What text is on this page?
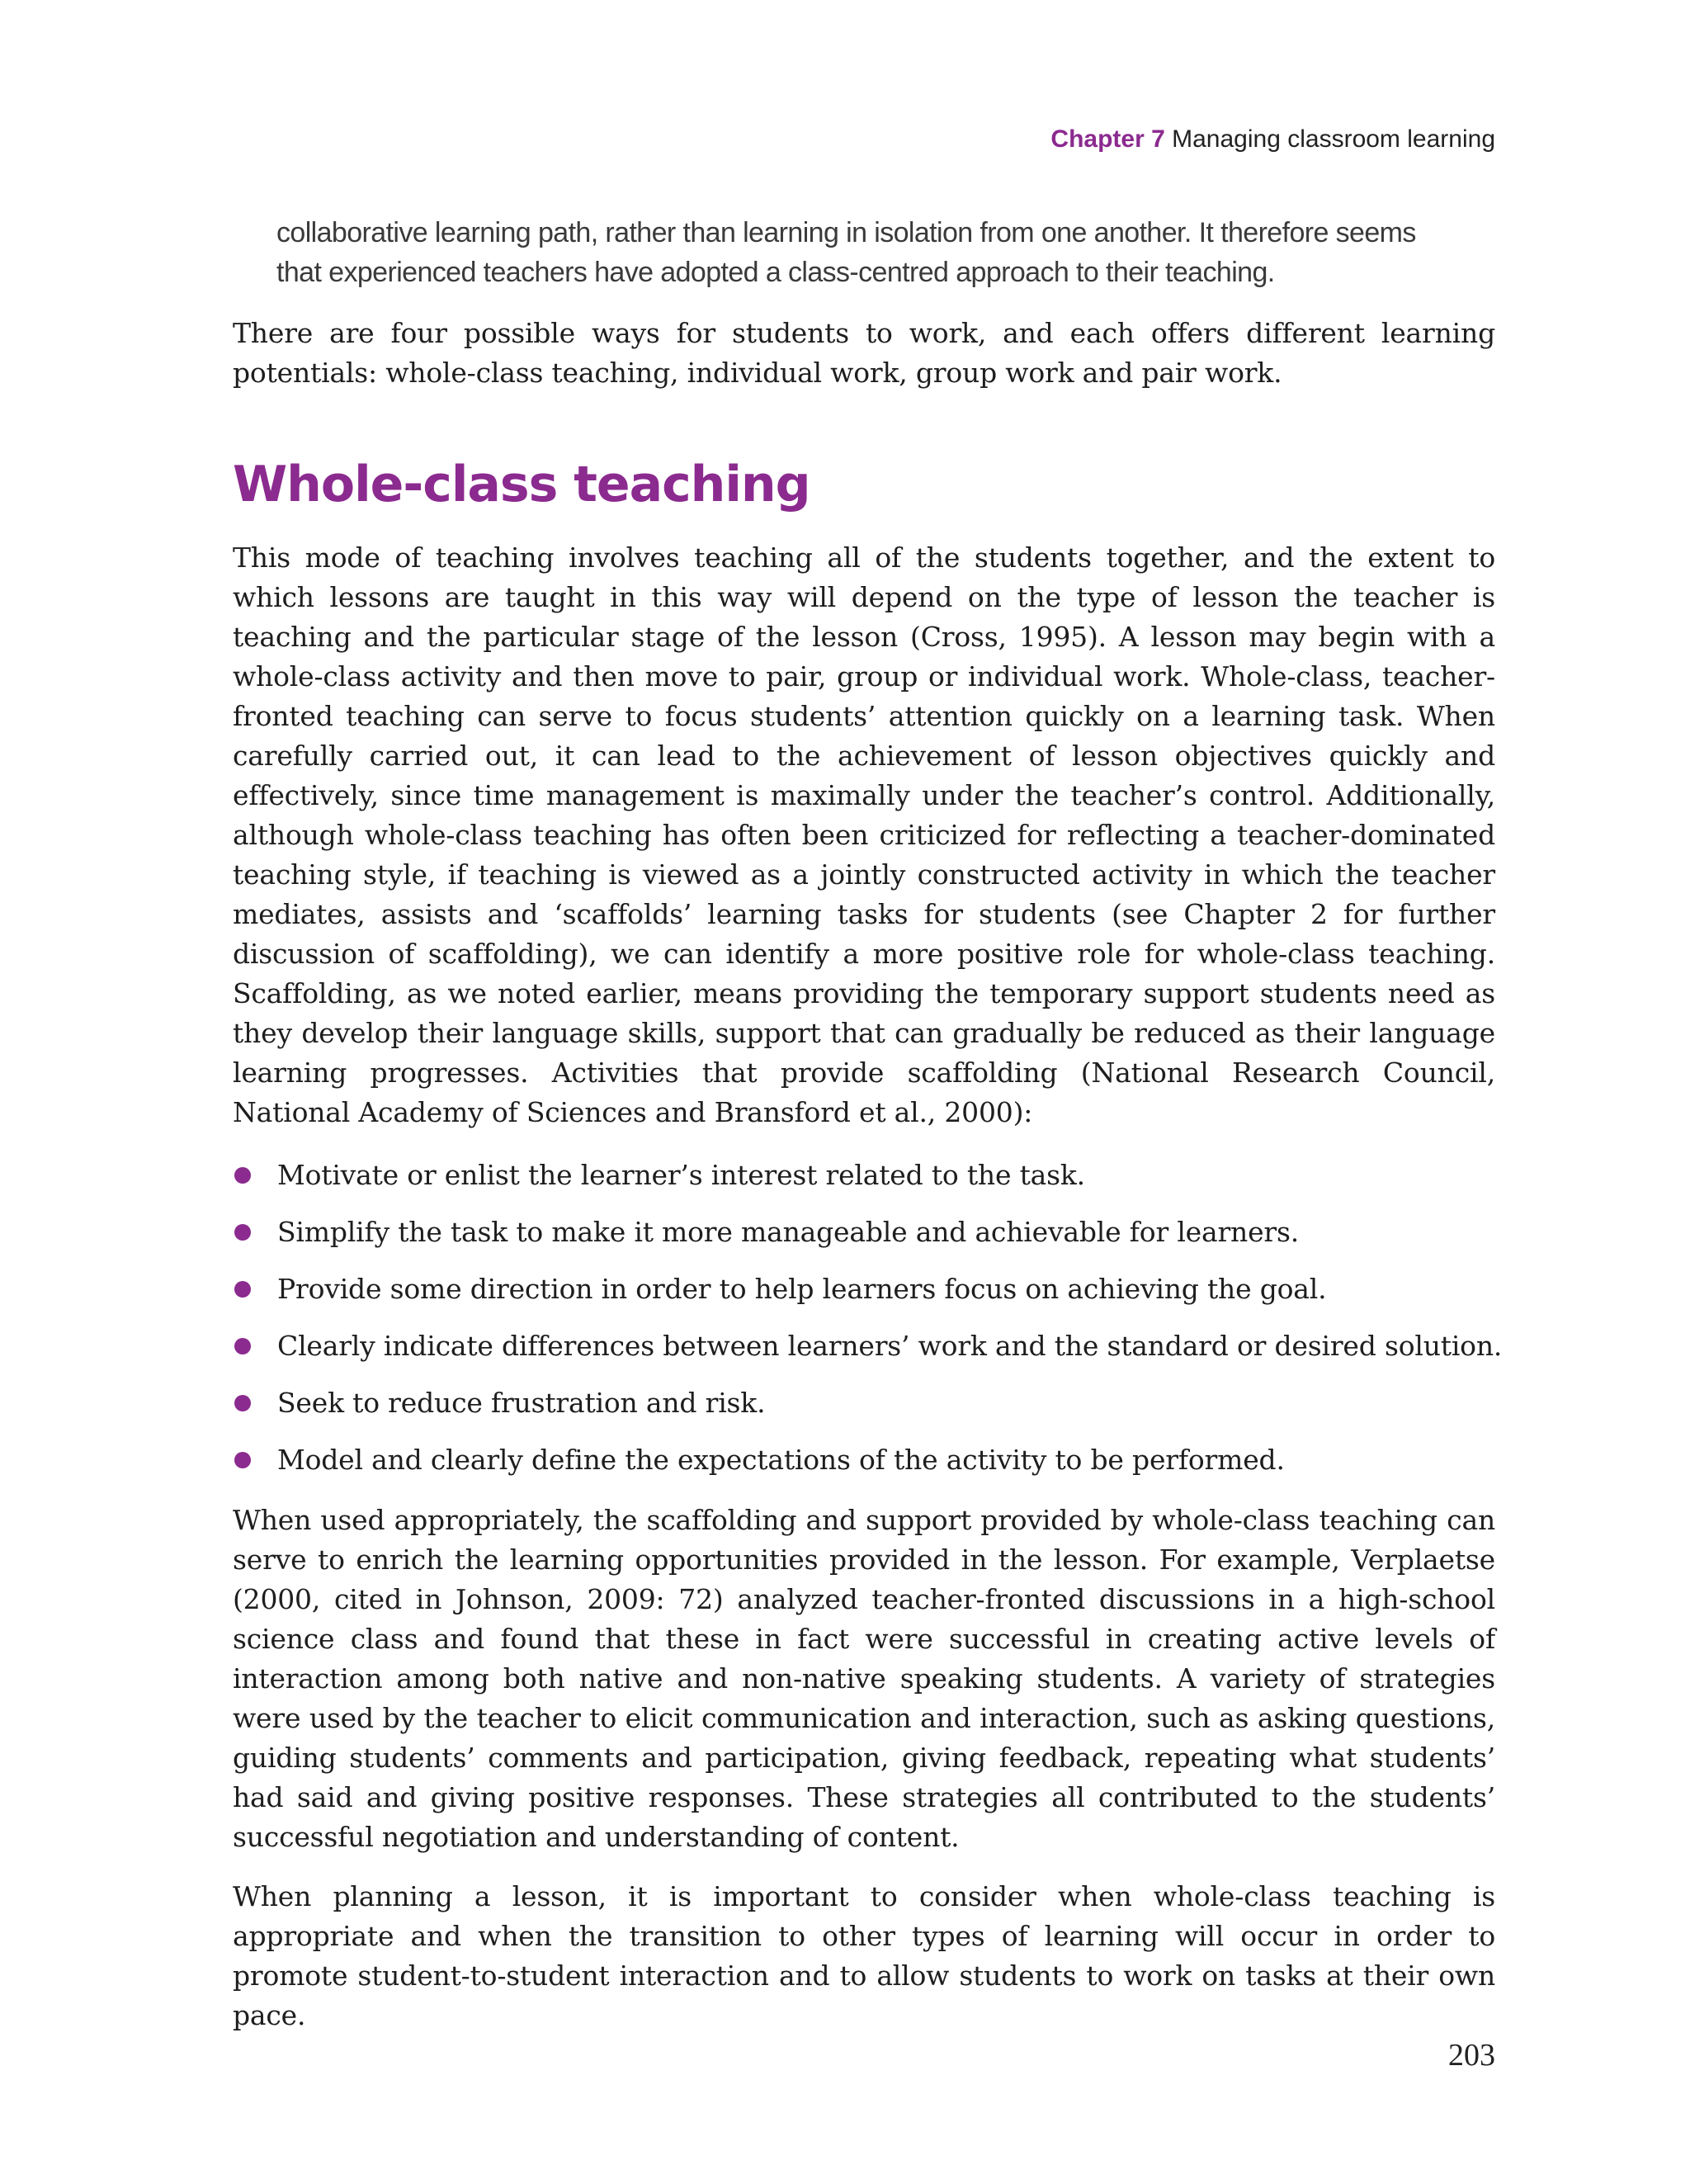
Chapter 7 Managing classroom learning
collaborative learning path, rather than learning in isolation from one another. It therefore seems that experienced teachers have adopted a class-centred approach to their teaching.

There are four possible ways for students to work, and each offers different learning potentials: whole-class teaching, individual work, group work and pair work.

Whole-class teaching

This mode of teaching involves teaching all of the students together, and the extent to which lessons are taught in this way will depend on the type of lesson the teacher is teaching and the particular stage of the lesson (Cross, 1995). A lesson may begin with a whole-class activity and then move to pair, group or individual work. Whole-class, teacher-fronted teaching can serve to focus students’ attention quickly on a learning task. When carefully carried out, it can lead to the achievement of lesson objectives quickly and effectively, since time management is maximally under the teacher’s control. Additionally, although whole-class teaching has often been criticized for reflecting a teacher-dominated teaching style, if teaching is viewed as a jointly constructed activity in which the teacher mediates, assists and ‘scaffolds’ learning tasks for students (see Chapter 2 for further discussion of scaffolding), we can identify a more positive role for whole-class teaching. Scaffolding, as we noted earlier, means providing the temporary support students need as they develop their language skills, support that can gradually be reduced as their language learning progresses. Activities that provide scaffolding (National Research Council, National Academy of Sciences and Bransford et al., 2000):

Motivate or enlist the learner’s interest related to the task.
Simplify the task to make it more manageable and achievable for learners.
Provide some direction in order to help learners focus on achieving the goal.
Clearly indicate differences between learners’ work and the standard or desired solution.
Seek to reduce frustration and risk.
Model and clearly define the expectations of the activity to be performed.

When used appropriately, the scaffolding and support provided by whole-class teaching can serve to enrich the learning opportunities provided in the lesson. For example, Verplaetse (2000, cited in Johnson, 2009: 72) analyzed teacher-fronted discussions in a high-school science class and found that these in fact were successful in creating active levels of interaction among both native and non-native speaking students. A variety of strategies were used by the teacher to elicit communication and interaction, such as asking questions, guiding students’ comments and participation, giving feedback, repeating what students’ had said and giving positive responses. These strategies all contributed to the students’ successful negotiation and understanding of content.

When planning a lesson, it is important to consider when whole-class teaching is appropriate and when the transition to other types of learning will occur in order to promote student-to-student interaction and to allow students to work on tasks at their own pace.

203
